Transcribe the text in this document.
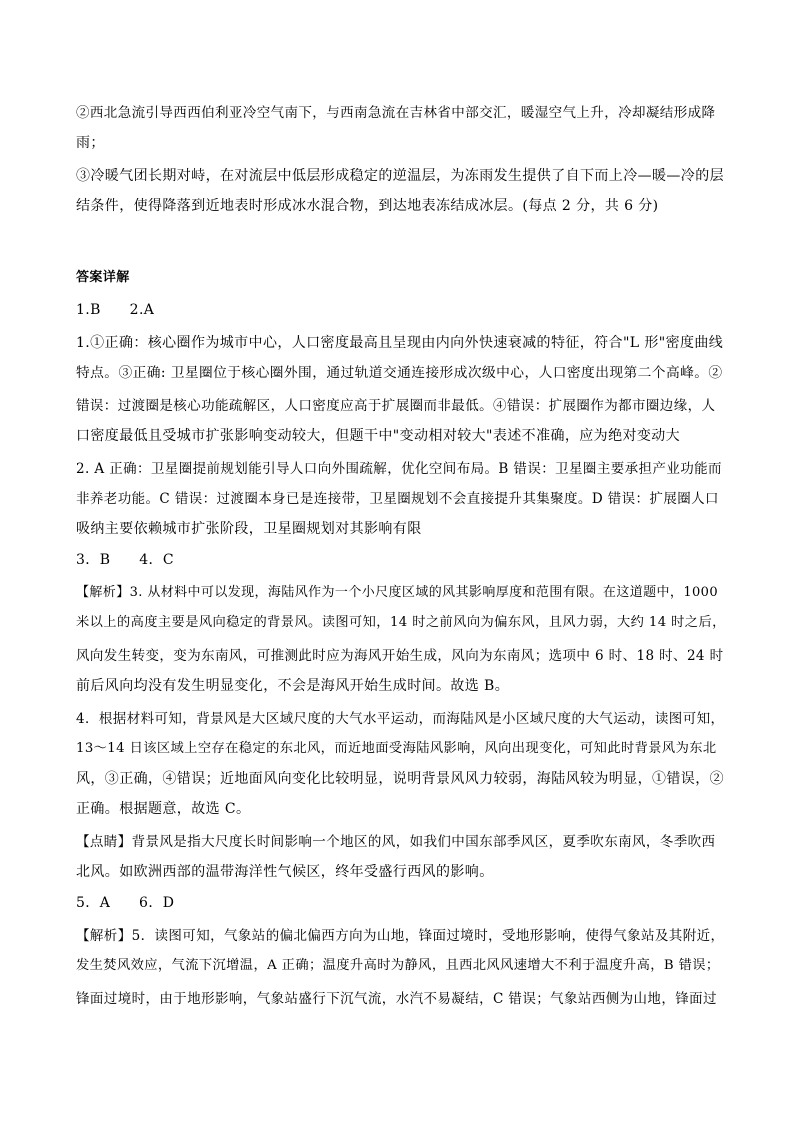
②西北急流引导西西伯利亚冷空气南下，与西南急流在吉林省中部交汇，暖湿空气上升，冷却凝结形成降
雨；
③冷暖气团长期对峙，在对流层中低层形成稳定的逆温层，为冻雨发生提供了自下而上冷—暖—冷的层
结条件，使得降落到近地表时形成冰水混合物，到达地表冻结成冰层。(每点 2 分，共 6 分)
答案详解
1.B　　2.A
1.①正确：核心圈作为城市中心，人口密度最高且呈现由内向外快速衰减的特征，符合"L 形"密度曲线
特点。③正确: 卫星圈位于核心圈外围，通过轨道交通连接形成次级中心，人口密度出现第二个高峰。②
错误：过渡圈是核心功能疏解区，人口密度应高于扩展圈而非最低。④错误：扩展圈作为都市圈边缘，人
口密度最低且受城市扩张影响变动较大，但题干中"变动相对较大"表述不准确，应为绝对变动大
2. A 正确：卫星圈提前规划能引导人口向外围疏解，优化空间布局。B 错误：卫星圈主要承担产业功能而
非养老功能。C 错误：过渡圈本身已是连接带，卫星圈规划不会直接提升其集聚度。D 错误：扩展圈人口
吸纳主要依赖城市扩张阶段，卫星圈规划对其影响有限
3．B　　4．C
【解析】3. 从材料中可以发现，海陆风作为一个小尺度区域的风其影响厚度和范围有限。在这道题中，1000
米以上的高度主要是风向稳定的背景风。读图可知，14 时之前风向为偏东风，且风力弱，大约 14 时之后，
风向发生转变，变为东南风，可推测此时应为海风开始生成，风向为东南风；选项中 6 时、18 时、24 时
前后风向均没有发生明显变化，不会是海风开始生成时间。故选 B。
4．根据材料可知，背景风是大区域尺度的大气水平运动，而海陆风是小区域尺度的大气运动，读图可知，
13～14 日该区域上空存在稳定的东北风，而近地面受海陆风影响，风向出现变化，可知此时背景风为东北
风，③正确，④错误；近地面风向变化比较明显，说明背景风风力较弱，海陆风较为明显，①错误，②
正确。根据题意，故选 C。
【点睛】背景风是指大尺度长时间影响一个地区的风，如我们中国东部季风区，夏季吹东南风，冬季吹西
北风。如欧洲西部的温带海洋性气候区，终年受盛行西风的影响。
5．A　　6．D
【解析】5．读图可知，气象站的偏北偏西方向为山地，锋面过境时，受地形影响，使得气象站及其附近，
发生焚风效应，气流下沉增温，A 正确；温度升高时为静风，且西北风风速增大不利于温度升高，B 错误；
锋面过境时，由于地形影响，气象站盛行下沉气流，水汽不易凝结，C 错误；气象站西侧为山地，锋面过
